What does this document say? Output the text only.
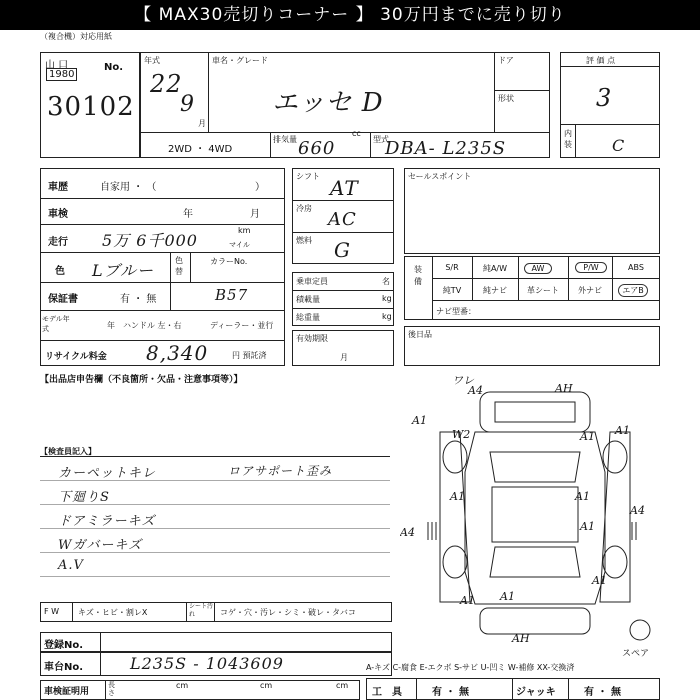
【 MAX30売切りコーナー 】 30万円までに売り切り
（複合機）対応用紙
山 口
1980
No.
30102
年式
22
9
月
車名・グレード
エッセ D
ドア
形状
2WD ・ 4WD
排気量
cc
660	型式
DBA- L235S
評 価 点
3
内装	C
車歴	自家用 ・ （	）
車検	年	月
走行 5万 6千000
km
マイル
色 Lブルー
色替
カラーNo.
保証書	有 ・ 無	B57
モデル年式	年 ハンドル 左・右	ディーラー・並行
リサイクル料金 8,340	円 預託済
【出品店申告欄（不良箇所・欠品・注意事項等）】
シフト AT
冷房
AC
燃料 G
乗車定員	名
積載量	kg
総重量	kg
有効期限
月
セールスポイント
装備
S/R	純A/W	AW	P/W	ABS
純TV	純ナビ	革シート	外ナビ	エアB
ナビ型番：
後日品
【検査員記入】
カーペットキレ	ロアサポート歪み
下廻りS
ドアミラーキズ
Wガバーキズ
A.V
ワレ
A4	AH
A1
W2	A1 A1
A1	A1
A4	A1
A1
A1
A4
A1
AH
F W キズ・ヒビ・割レX
シート汚れ	コゲ・穴・汚レ・シミ・破レ・タバコ
登録No.
車台No.	L235S - 1043609
車検証明用
長さ
cm	cm	cm
スペア
A-キズ C-腐食 E-エクボ S-サビ U-凹ミ W-補修 XX-交換済
工　具	有 ・ 無	ジャッキ	有 ・ 無
